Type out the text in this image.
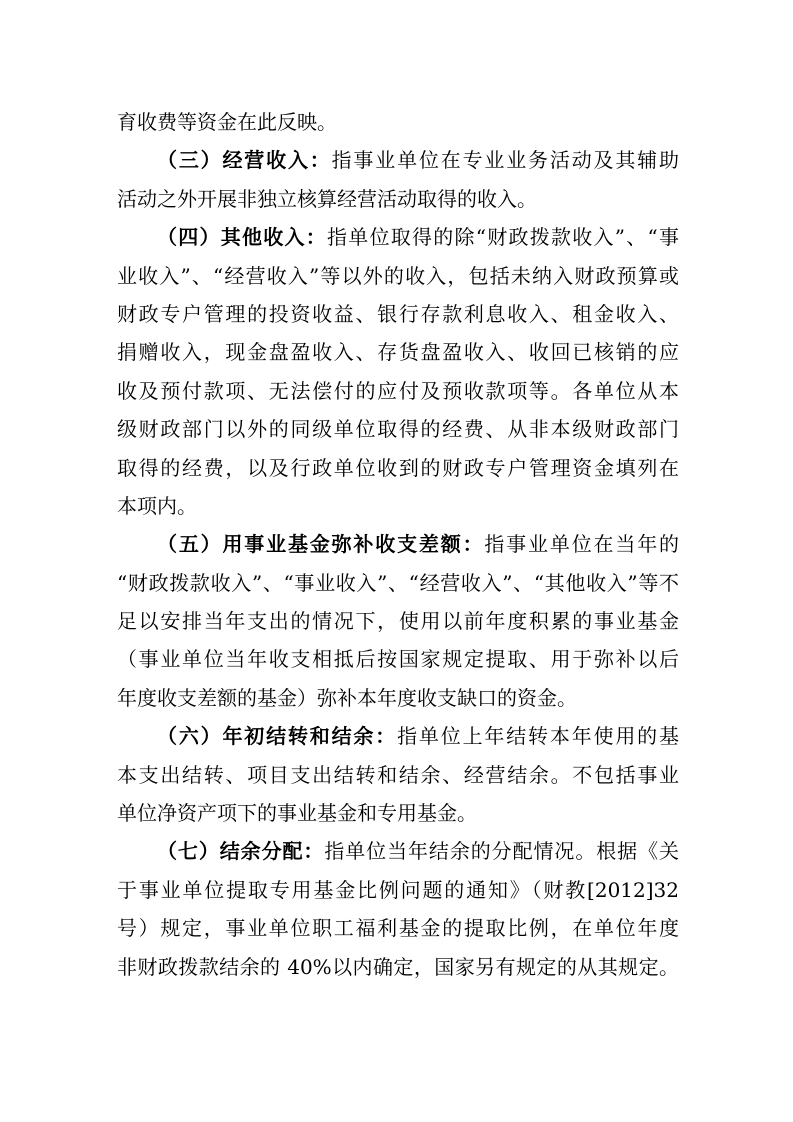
育收费等资金在此反映。
（三）经营收入：指事业单位在专业业务活动及其辅助
活动之外开展非独立核算经营活动取得的收入。
（四）其他收入：指单位取得的除“财政拨款收入”、“事
业收入”、“经营收入”等以外的收入，包括未纳入财政预算或
财政专户管理的投资收益、银行存款利息收入、租金收入、
捐赠收入，现金盘盈收入、存货盘盈收入、收回已核销的应
收及预付款项、无法偿付的应付及预收款项等。各单位从本
级财政部门以外的同级单位取得的经费、从非本级财政部门
取得的经费，以及行政单位收到的财政专户管理资金填列在
本项内。
（五）用事业基金弥补收支差额：指事业单位在当年的
“财政拨款收入”、“事业收入”、“经营收入”、“其他收入”等不
足以安排当年支出的情况下，使用以前年度积累的事业基金
（事业单位当年收支相抵后按国家规定提取、用于弥补以后
年度收支差额的基金）弥补本年度收支缺口的资金。
（六）年初结转和结余：指单位上年结转本年使用的基
本支出结转、项目支出结转和结余、经营结余。不包括事业
单位净资产项下的事业基金和专用基金。
（七）结余分配：指单位当年结余的分配情况。根据《关
于事业单位提取专用基金比例问题的通知》（财教[2012]32
号）规定，事业单位职工福利基金的提取比例，在单位年度
非财政拨款结余的 40%以内确定，国家另有规定的从其规定。
